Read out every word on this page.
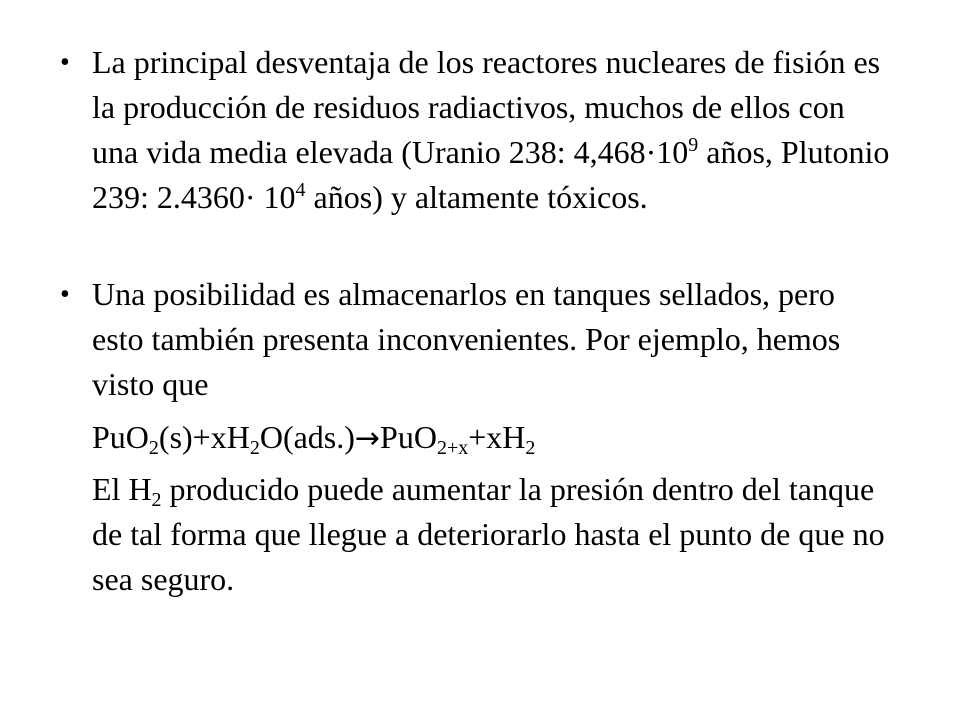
• La principal desventaja de los reactores nucleares de fisión es la producción de residuos radiactivos, muchos de ellos con una vida media elevada (Uranio 238: $4,468\cdot 10^9$ años, Plutonio 239: $2.4360\cdot 10^4$ años) y altamente tóxicos.
• Una posibilidad es almacenarlos en tanques sellados, pero esto también presenta inconvenientes. Por ejemplo, hemos visto que
$PuO_2(s)+xH_2O(ads.)\to PuO_{2+x}+xH_2$
El $H_2$ producido puede aumentar la presión dentro del tanque de tal forma que llegue a deteriorarlo hasta el punto de que no sea seguro.
